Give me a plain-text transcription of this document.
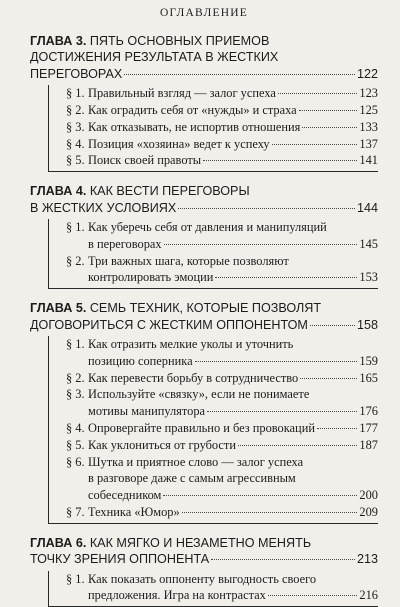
ОГЛАВЛЕНИЕ
ГЛАВА 3. ПЯТЬ ОСНОВНЫХ ПРИЕМОВ
ДОСТИЖЕНИЯ РЕЗУЛЬТАТА В ЖЕСТКИХ
ПЕРЕГОВОРАХ	122
§ 1. Правильный взгляд — залог успеха	123
§ 2. Как оградить себя от «нужды» и страха	125
§ 3. Как отказывать, не испортив отношения	133
§ 4. Позиция «хозяина» ведет к успеху	137
§ 5. Поиск своей правоты	141
ГЛАВА 4. КАК ВЕСТИ ПЕРЕГОВОРЫ
В ЖЕСТКИХ УСЛОВИЯХ	144
§ 1. Как уберечь себя от давления и манипуляций
в переговорах	145
§ 2. Три важных шага, которые позволяют
контролировать эмоции	153
ГЛАВА 5. СЕМЬ ТЕХНИК, КОТОРЫЕ ПОЗВОЛЯТ
ДОГОВОРИТЬСЯ С ЖЕСТКИМ ОППОНЕНТОМ	158
§ 1. Как отразить мелкие уколы и уточнить
позицию соперника	159
§ 2. Как перевести борьбу в сотрудничество	165
§ 3. Используйте «связку», если не понимаете
мотивы манипулятора	176
§ 4. Опровергайте правильно и без провокаций	177
§ 5. Как уклониться от грубости	187
§ 6. Шутка и приятное слово — залог успеха
в разговоре даже с самым агрессивным
собеседником	200
§ 7. Техника «Юмор»	209
ГЛАВА 6. КАК МЯГКО И НЕЗАМЕТНО МЕНЯТЬ
ТОЧКУ ЗРЕНИЯ ОППОНЕНТА	213
§ 1. Как показать оппоненту выгодность своего
предложения. Игра на контрастах	216
